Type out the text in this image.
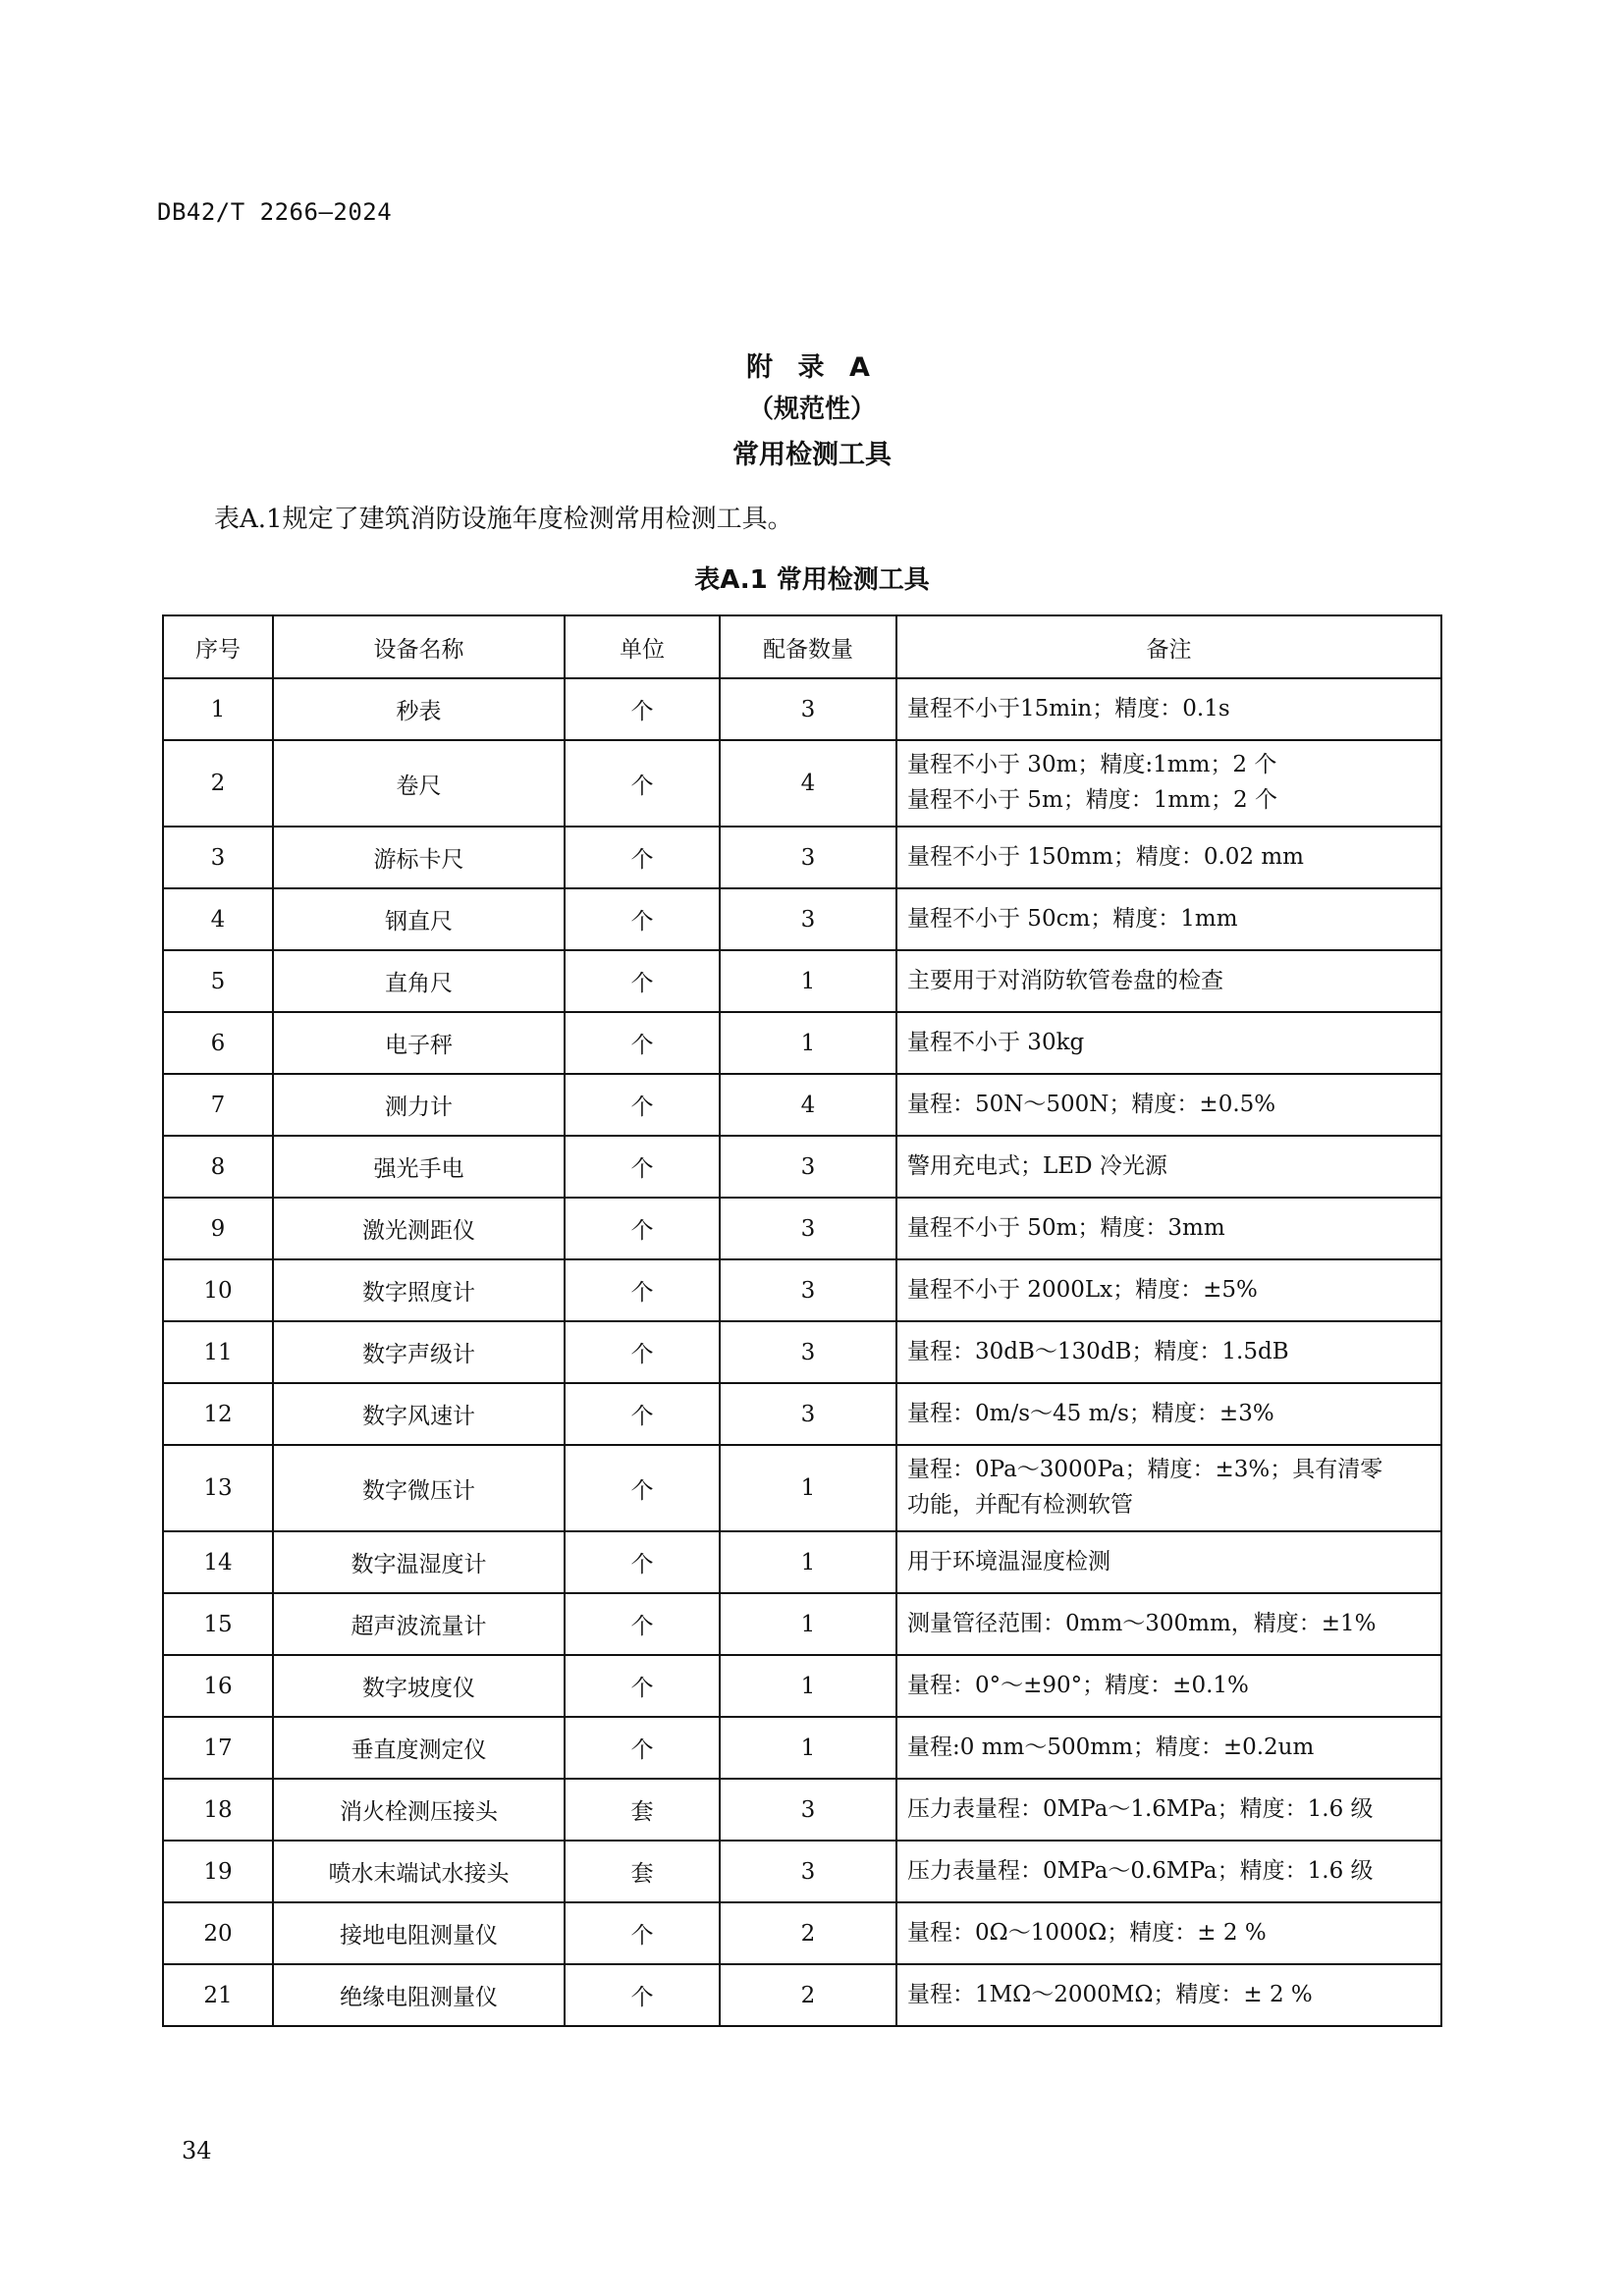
DB42/T 2266—2024
附 录 A
（规范性）
常用检测工具
表A.1规定了建筑消防设施年度检测常用检测工具。
表A.1 常用检测工具
序号	设备名称	单位	配备数量	备注
1	秒表	个	3	量程不小于15min；精度：0.1s

2	卷尺	个	4	量程不小于 30m；精度:1mm；2 个
量程不小于 5m；精度：1mm；2 个

3	游标卡尺	个	3	量程不小于 150mm；精度：0.02 mm

4	钢直尺	个	3	量程不小于 50cm；精度：1mm

5	直角尺	个	1	主要用于对消防软管卷盘的检查

6	电子秤	个	1	量程不小于 30kg

7	测力计	个	4	量程：50N～500N；精度：±0.5%

8	强光手电	个	3	警用充电式；LED 冷光源

9	激光测距仪	个	3	量程不小于 50m；精度：3mm

10	数字照度计	个	3	量程不小于 2000Lx；精度：±5%

11	数字声级计	个	3	量程：30dB～130dB；精度：1.5dB

12	数字风速计	个	3	量程：0m/s～45 m/s；精度：±3%

13	数字微压计	个	1	量程：0Pa～3000Pa；精度：±3%；具有清零
功能，并配有检测软管

14	数字温湿度计	个	1	用于环境温湿度检测

15	超声波流量计	个	1	测量管径范围：0mm～300mm，精度：±1%

16	数字坡度仪	个	1	量程：0°～±90°；精度：±0.1%

17	垂直度测定仪	个	1	量程:0 mm～500mm；精度：±0.2um

18	消火栓测压接头	套	3	压力表量程：0MPa～1.6MPa；精度：1.6 级

19	喷水末端试水接头	套	3	压力表量程：0MPa～0.6MPa；精度：1.6 级

20	接地电阻测量仪	个	2	量程：0Ω～1000Ω；精度：± 2 %

21	绝缘电阻测量仪	个	2	量程：1MΩ～2000MΩ；精度：± 2 %
34
